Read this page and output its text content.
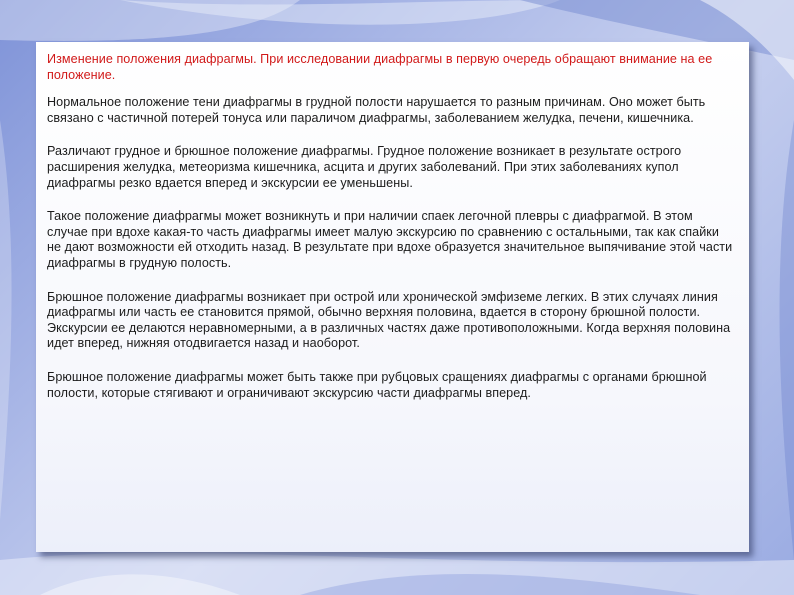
Изменение положения диафрагмы. При исследовании диафрагмы в первую очередь обращают внимание на ее положение.

Нормальное положение тени диафрагмы в грудной полости нарушается то разным причинам. Оно может быть связано с частичной потерей тонуса или параличом диафрагмы, заболеванием желудка, печени, кишечника.

Различают грудное и брюшное положение диафрагмы. Грудное положение возникает в результате острого расширения желудка, метеоризма кишечника, асцита и других заболеваний. При этих заболеваниях купол диафрагмы резко вдается вперед и экскурсии ее уменьшены.

Такое положение диафрагмы может возникнуть и при наличии спаек легочной плевры с диафрагмой. В этом случае при вдохе какая-то часть диафрагмы имеет малую экскурсию по сравнению с остальными, так как спайки не дают возможности ей отходить назад. В результате при вдохе образуется значительное выпячивание этой части диафрагмы в грудную полость.

Брюшное положение диафрагмы возникает при острой или хронической эмфиземе легких. В этих случаях линия диафрагмы или часть ее становится прямой, обычно верхняя половина, вдается в сторону брюшной полости. Экскурсии ее делаются неравномерными, а в различных частях даже противоположными. Когда верхняя половина идет вперед, нижняя отодвигается назад и наоборот.

Брюшное положение диафрагмы может быть также при рубцовых сращениях диафрагмы с органами брюшной полости, которые стягивают и ограничивают экскурсию части диафрагмы вперед.
